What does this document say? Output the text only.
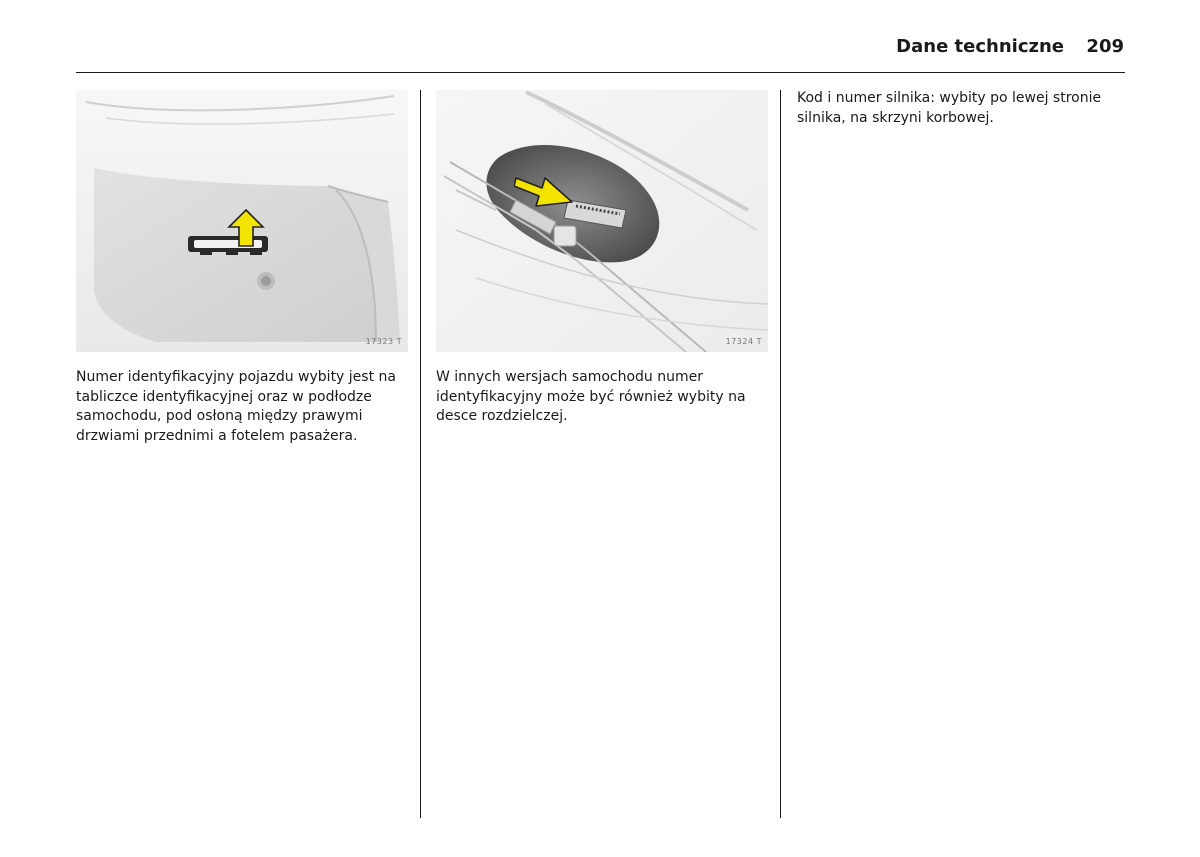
Dane techniczne 209
17323 T	17324 T
Numer identyfikacyjny pojazdu wybity jest na tabliczce identyfikacyjnej oraz w podłodze samochodu, pod osłoną między prawymi drzwiami przednimi a fotelem pasażera.
W innych wersjach samochodu numer identyfikacyjny może być również wybity na desce rozdzielczej.
Kod i numer silnika: wybity po lewej stronie silnika, na skrzyni korbowej.
